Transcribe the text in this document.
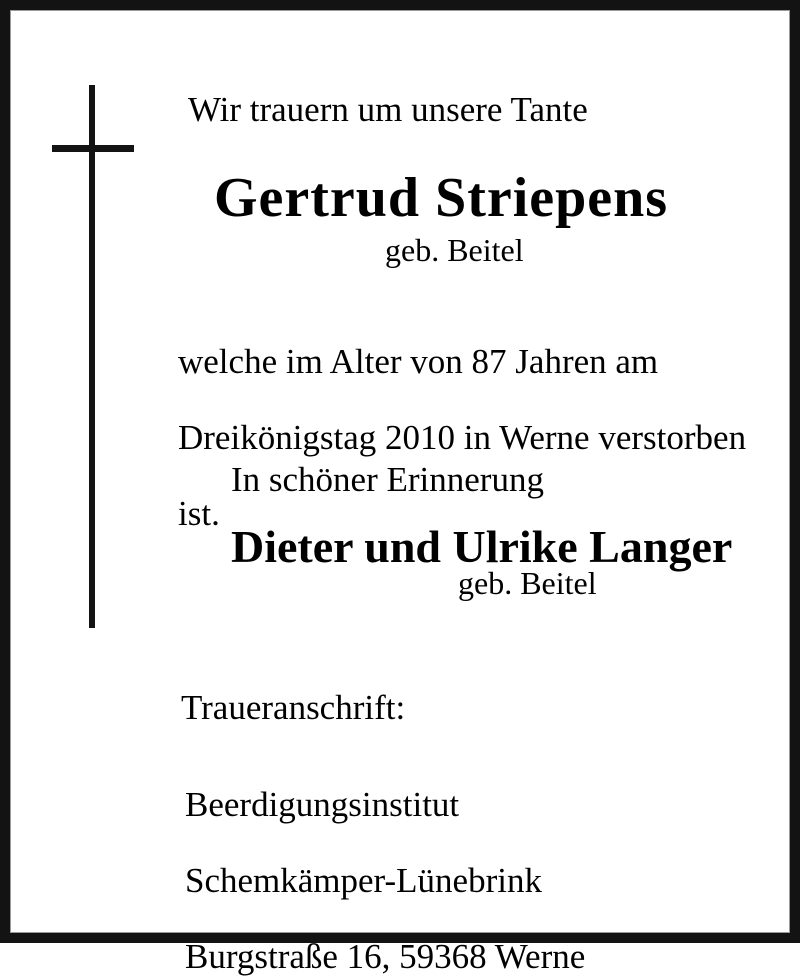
Wir trauern um unsere Tante
Gertrud Striepens
geb. Beitel

welche im Alter von 87 Jahren am

Dreikönigstag 2010 in Werne verstorben

ist.

In schöner Erinnerung
Dieter und Ulrike Langer
geb. Beitel
Traueranschrift:

Beerdigungsinstitut

Schemkämper-Lünebrink

Burgstraße 16, 59368 Werne
